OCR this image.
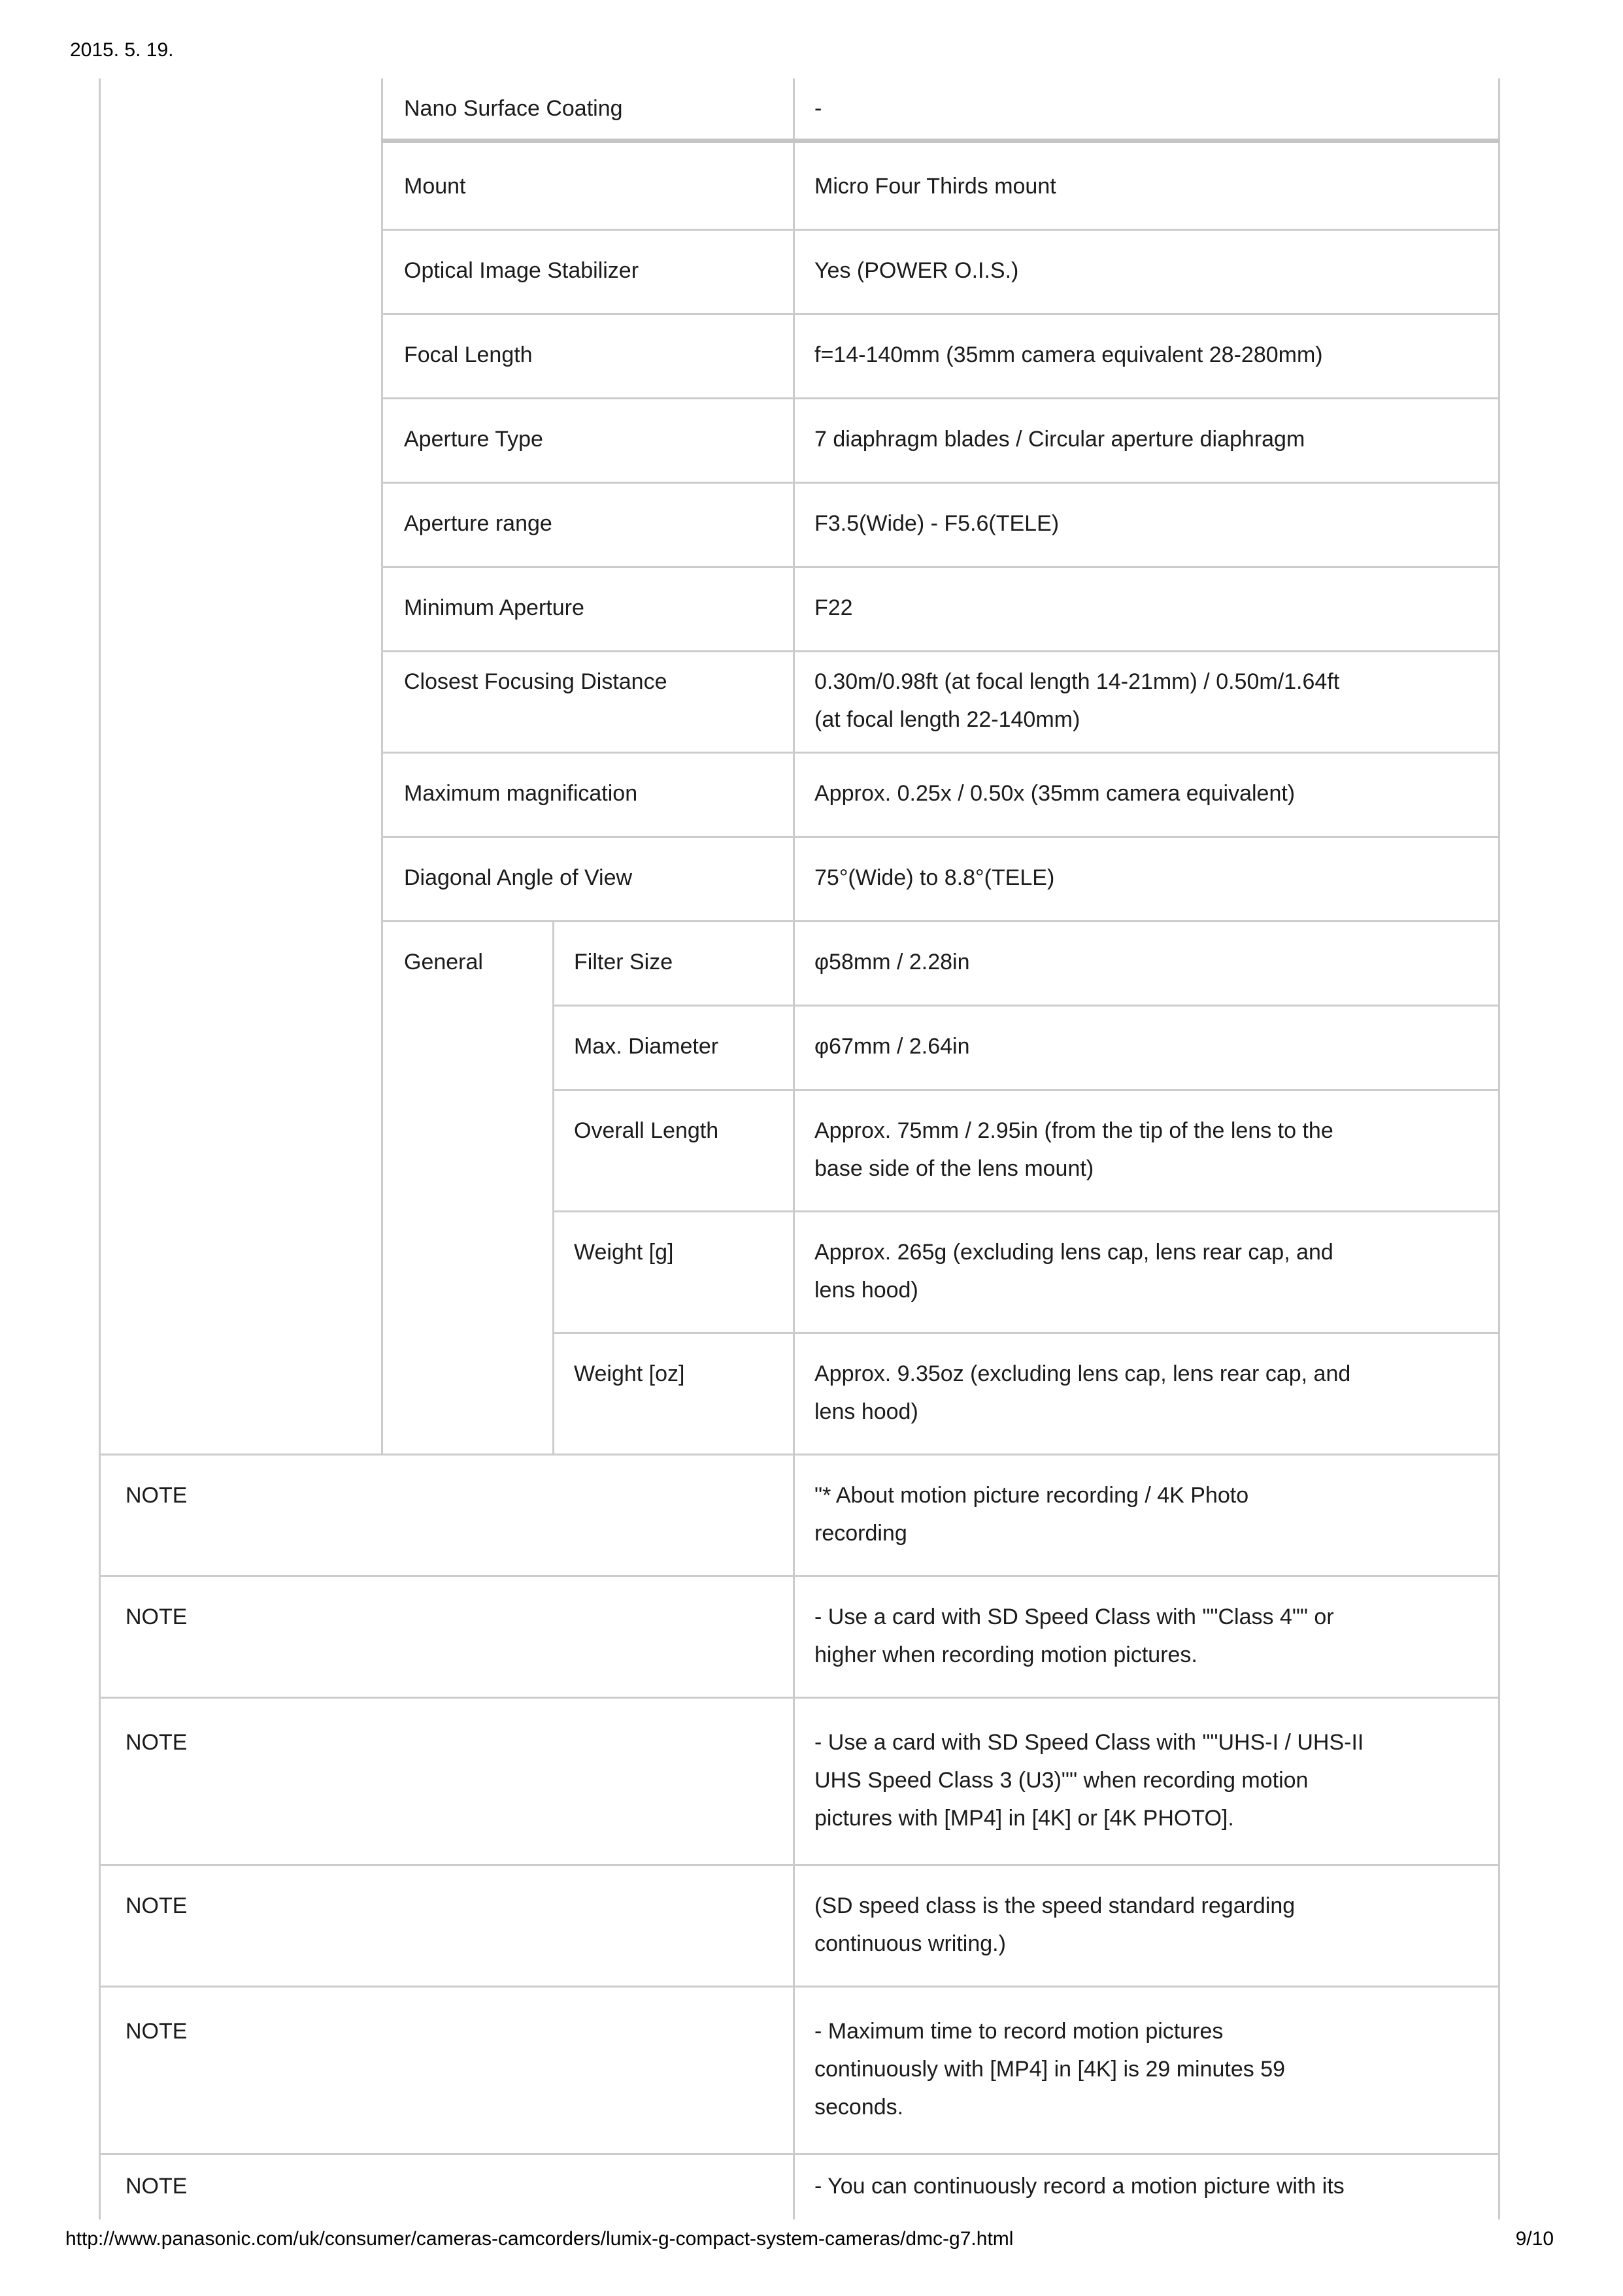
2015. 5. 19.
Nano Surface Coating	-
Mount	Micro Four Thirds mount
Optical Image Stabilizer	Yes (POWER O.I.S.)
Focal Length	f=14-140mm (35mm camera equivalent 28-280mm)
Aperture Type	7 diaphragm blades / Circular aperture diaphragm
Aperture range	F3.5(Wide) - F5.6(TELE)
Minimum Aperture	F22
Closest Focusing Distance	0.30m/0.98ft (at focal length 14-21mm) / 0.50m/1.64ft
(at focal length 22-140mm)
Maximum magnification	Approx. 0.25x / 0.50x (35mm camera equivalent)
Diagonal Angle of View	75°(Wide) to 8.8°(TELE)
General	Filter Size	φ58mm / 2.28in
Max. Diameter	φ67mm / 2.64in
Overall Length	Approx. 75mm / 2.95in (from the tip of the lens to the
base side of the lens mount)
Weight [g]	Approx. 265g (excluding lens cap, lens rear cap, and
lens hood)
Weight [oz]	Approx. 9.35oz (excluding lens cap, lens rear cap, and
lens hood)
NOTE	"* About motion picture recording / 4K Photo
recording
NOTE	- Use a card with SD Speed Class with ""Class 4"" or
higher when recording motion pictures.
NOTE	- Use a card with SD Speed Class with ""UHS-I / UHS-II
UHS Speed Class 3 (U3)"" when recording motion
pictures with [MP4] in [4K] or [4K PHOTO].
NOTE	(SD speed class is the speed standard regarding
continuous writing.)
NOTE	- Maximum time to record motion pictures
continuously with [MP4] in [4K] is 29 minutes 59
seconds.
NOTE	- You can continuously record a motion picture with its
http://www.panasonic.com/uk/consumer/cameras-camcorders/lumix-g-compact-system-cameras/dmc-g7.html	9/10
